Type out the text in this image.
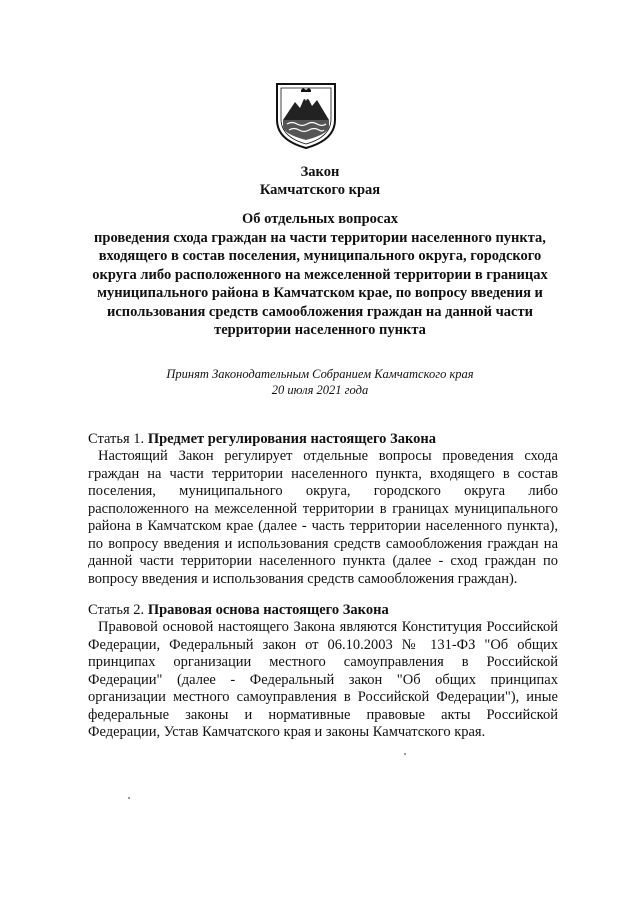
Закон
Камчатского края
Об отдельных вопросах
проведения схода граждан на части территории населенного пункта,
входящего в состав поселения, муниципального округа, городского
округа либо расположенного на межселенной территории в границах
муниципального района в Камчатском крае, по вопросу введения и
использования средств самообложения граждан на данной части
территории населенного пункта
Принят Законодательным Собранием Камчатского края
20 июля 2021 года
Статья 1. Предмет регулирования настоящего Закона
Настоящий Закон регулирует отдельные вопросы проведения схода граждан на части территории населенного пункта, входящего в состав поселения, муниципального округа, городского округа либо расположенного на межселенной территории в границах муниципального района в Камчатском крае (далее - часть территории населенного пункта), по вопросу введения и использования средств самообложения граждан на данной части территории населенного пункта (далее - сход граждан по вопросу введения и использования средств самообложения граждан).
Статья 2. Правовая основа настоящего Закона
Правовой основой настоящего Закона являются Конституция Российской Федерации, Федеральный закон от 06.10.2003 № 131-ФЗ "Об общих принципах организации местного самоуправления в Российской Федерации" (далее - Федеральный закон "Об общих принципах организации местного самоуправления в Российской Федерации"), иные федеральные законы и нормативные правовые акты Российской Федерации, Устав Камчатского края и законы Камчатского края.
